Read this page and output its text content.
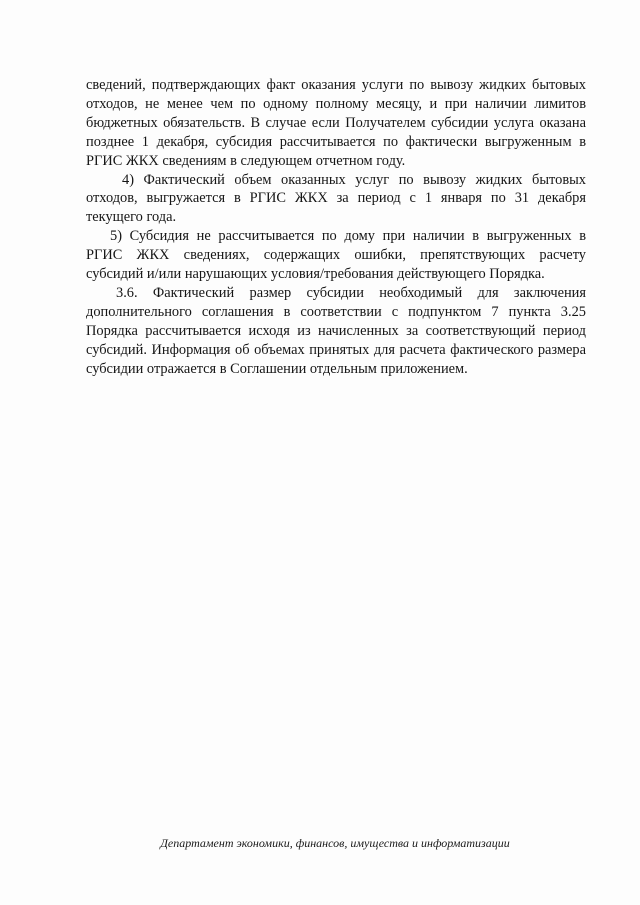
сведений, подтверждающих факт оказания услуги по вывозу жидких бытовых
отходов, не менее чем по одному полному месяцу, и при наличии лимитов
бюджетных обязательств. В случае если Получателем субсидии услуга оказана
позднее 1 декабря, субсидия рассчитывается по фактически выгруженным в
РГИС ЖКХ сведениям в следующем отчетном году.
4) Фактический объем оказанных услуг по вывозу жидких бытовых
отходов, выгружается в РГИС ЖКХ за период с 1 января по 31 декабря
текущего года.
5) Субсидия не рассчитывается по дому при наличии в выгруженных в
РГИС ЖКХ сведениях, содержащих ошибки, препятствующих расчету
субсидий и/или нарушающих условия/требования действующего Порядка.
3.6. Фактический размер субсидии необходимый для заключения
дополнительного соглашения в соответствии с подпунктом 7 пункта 3.25
Порядка рассчитывается исходя из начисленных за соответствующий период
субсидий. Информация об объемах принятых для расчета фактического размера
субсидии отражается в Соглашении отдельным приложением.
Департамент экономики, финансов, имущества и информатизации
